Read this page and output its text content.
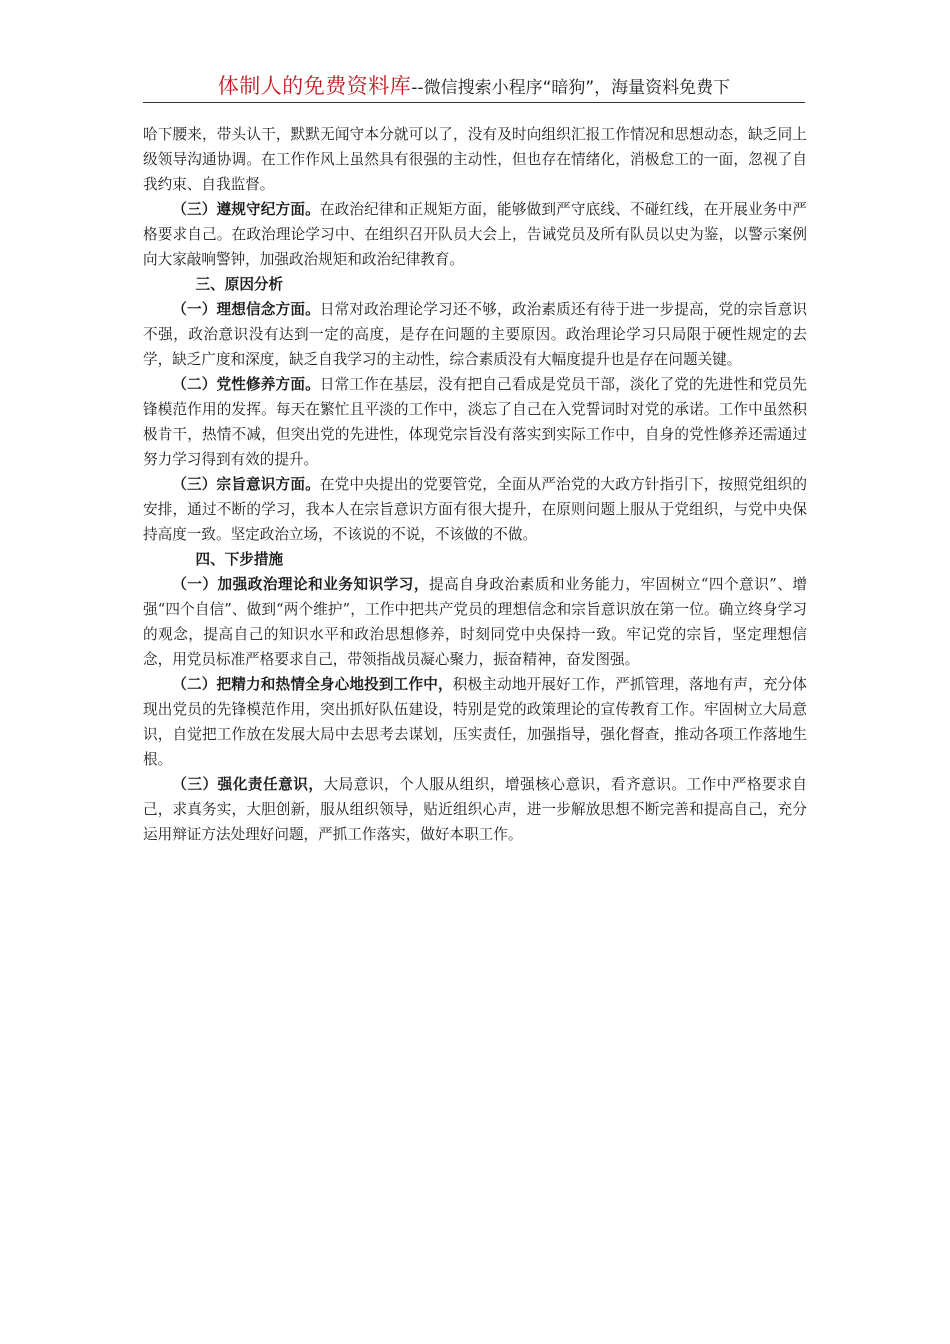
体制人的免费资料库--微信搜索小程序“暗狗”，海量资料免费下

哈下腰来，带头认干，默默无闻守本分就可以了，没有及时向组织汇报工作情况和思想动态，缺乏同上级领导沟通协调。在工作作风上虽然具有很强的主动性，但也存在情绪化，消极怠工的一面，忽视了自我约束、自我监督。

（三）遵规守纪方面。在政治纪律和正规矩方面，能够做到严守底线、不碰红线，在开展业务中严格要求自己。在政治理论学习中、在组织召开队员大会上，告诫党员及所有队员以史为鉴，以警示案例向大家敲响警钟，加强政治规矩和政治纪律教育。

三、原因分析

（一）理想信念方面。日常对政治理论学习还不够，政治素质还有待于进一步提高，党的宗旨意识不强，政治意识没有达到一定的高度，是存在问题的主要原因。政治理论学习只局限于硬性规定的去学，缺乏广度和深度，缺乏自我学习的主动性，综合素质没有大幅度提升也是存在问题关键。

（二）党性修养方面。日常工作在基层，没有把自己看成是党员干部，淡化了党的先进性和党员先锋模范作用的发挥。每天在繁忙且平淡的工作中，淡忘了自己在入党誓词时对党的承诺。工作中虽然积极肯干，热情不减，但突出党的先进性，体现党宗旨没有落实到实际工作中，自身的党性修养还需通过努力学习得到有效的提升。

（三）宗旨意识方面。在党中央提出的党要管党，全面从严治党的大政方针指引下，按照党组织的安排，通过不断的学习，我本人在宗旨意识方面有很大提升，在原则问题上服从于党组织，与党中央保持高度一致。坚定政治立场，不该说的不说，不该做的不做。

四、下步措施

（一）加强政治理论和业务知识学习，提高自身政治素质和业务能力，牢固树立“四个意识”、增强“四个自信”、做到“两个维护”，工作中把共产党员的理想信念和宗旨意识放在第一位。确立终身学习的观念，提高自己的知识水平和政治思想修养，时刻同党中央保持一致。牢记党的宗旨，坚定理想信念，用党员标准严格要求自己，带领指战员凝心聚力，振奋精神，奋发图强。

（二）把精力和热情全身心地投到工作中，积极主动地开展好工作，严抓管理，落地有声，充分体现出党员的先锋模范作用，突出抓好队伍建设，特别是党的政策理论的宣传教育工作。牢固树立大局意识，自觉把工作放在发展大局中去思考去谋划，压实责任，加强指导，强化督查，推动各项工作落地生根。

（三）强化责任意识，大局意识，个人服从组织，增强核心意识，看齐意识。工作中严格要求自己，求真务实，大胆创新，服从组织领导，贴近组织心声，进一步解放思想不断完善和提高自己，充分运用辩证方法处理好问题，严抓工作落实，做好本职工作。
